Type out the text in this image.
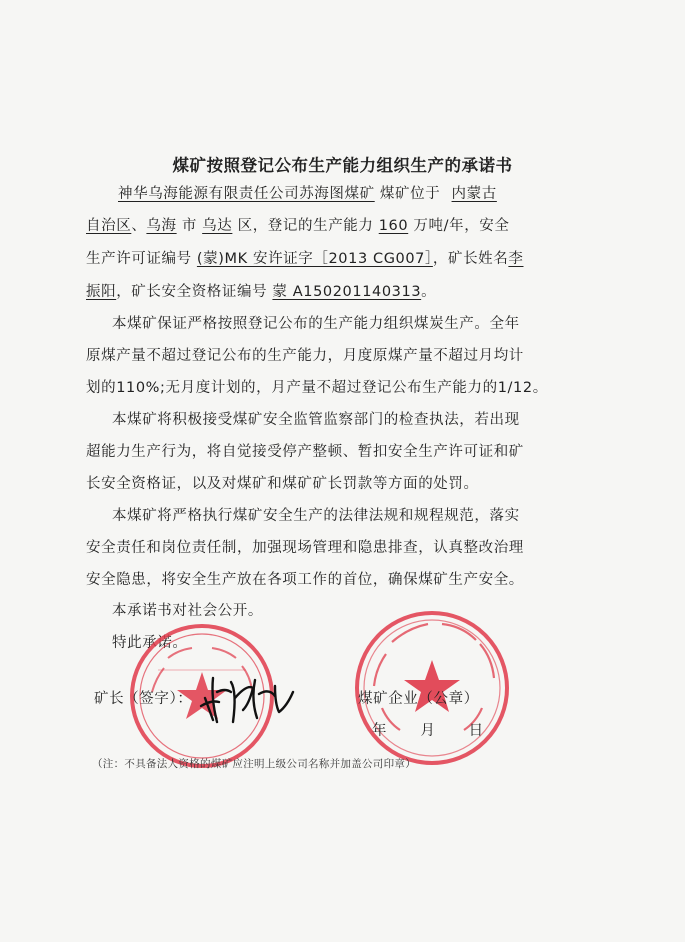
煤矿按照登记公布生产能力组织生产的承诺书
神华乌海能源有限责任公司苏海图煤矿 煤矿位于 内蒙古
自治区、乌海 市 乌达 区，登记的生产能力 160 万吨/年，安全
生产许可证编号 (蒙)MK 安许证字［2013 CG007］，矿长姓名李
振阳，矿长安全资格证编号 蒙 A150201140313。
本煤矿保证严格按照登记公布的生产能力组织煤炭生产。全年
原煤产量不超过登记公布的生产能力，月度原煤产量不超过月均计
划的110%;无月度计划的，月产量不超过登记公布生产能力的1/12。
本煤矿将积极接受煤矿安全监管监察部门的检查执法，若出现
超能力生产行为，将自觉接受停产整顿、暂扣安全生产许可证和矿
长安全资格证，以及对煤矿和煤矿矿长罚款等方面的处罚。
本煤矿将严格执行煤矿安全生产的法律法规和规程规范，落实
安全责任和岗位责任制，加强现场管理和隐患排查，认真整改治理
安全隐患，将安全生产放在各项工作的首位，确保煤矿生产安全。
本承诺书对社会公开。
特此承诺。
矿长（签字）：	煤矿企业（公章）
年 月 日
（注：不具备法人资格的煤矿应注明上级公司名称并加盖公司印章）
